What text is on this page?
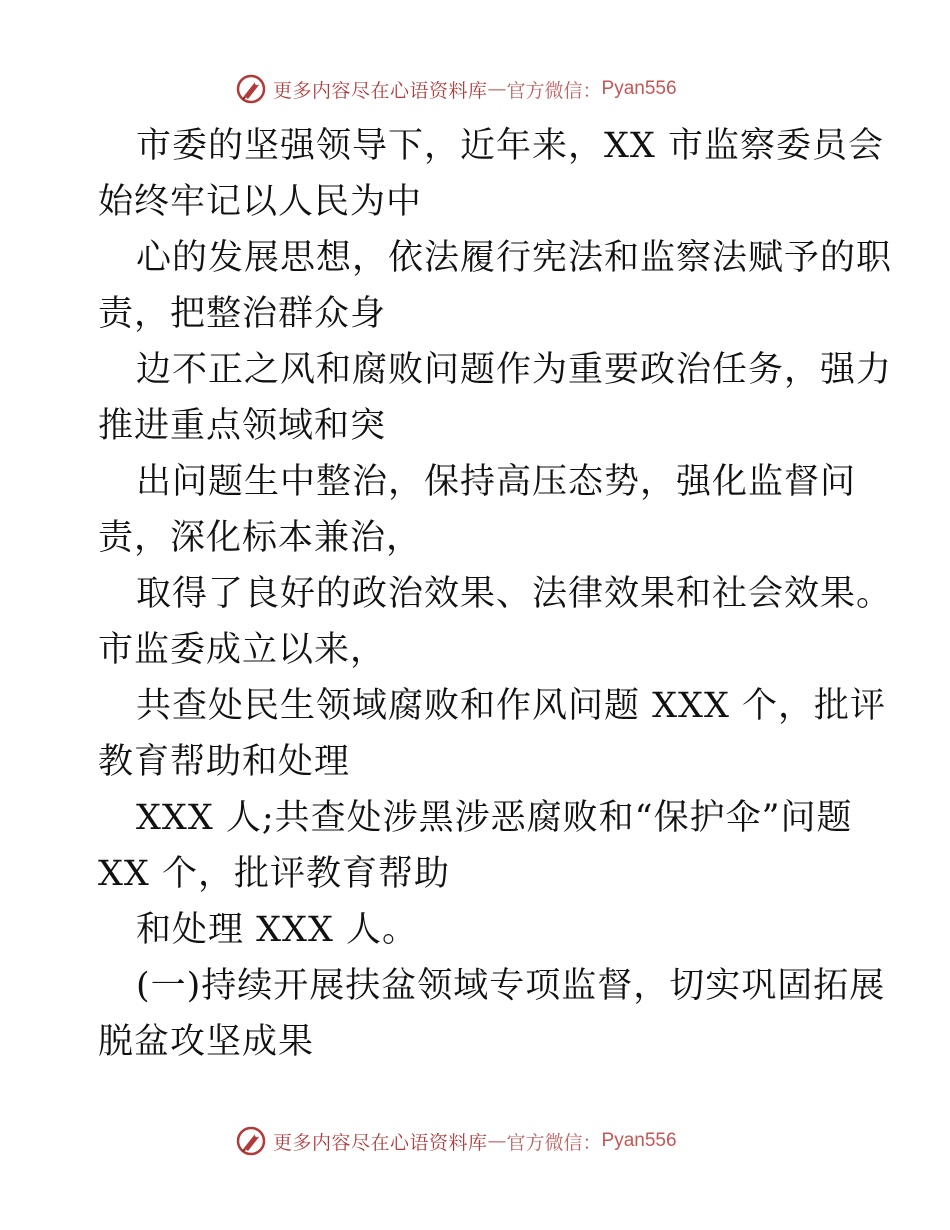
更多内容尽在心语资料库 — 官方微信： Pyan556
市委的坚强领导下，近年来，XX 市监察委员会
始终牢记以人民为中
心的发展思想，依法履行宪法和监察法赋予的职
责，把整治群众身
边不正之风和腐败问题作为重要政治任务，强力
推进重点领域和突
出问题生中整治，保持高压态势，强化监督问
责，深化标本兼治，
取得了良好的政治效果、法律效果和社会效果。
市监委成立以来，
共查处民生领域腐败和作风问题 XXX 个，批评
教育帮助和处理
XXX 人;共查处涉黑涉恶腐败和“保护伞”问题
XX 个，批评教育帮助
和处理 XXX 人。
(一)持续开展扶盆领域专项监督，切实巩固拓展
脱盆攻坚成果
更多内容尽在心语资料库 — 官方微信： Pyan556
